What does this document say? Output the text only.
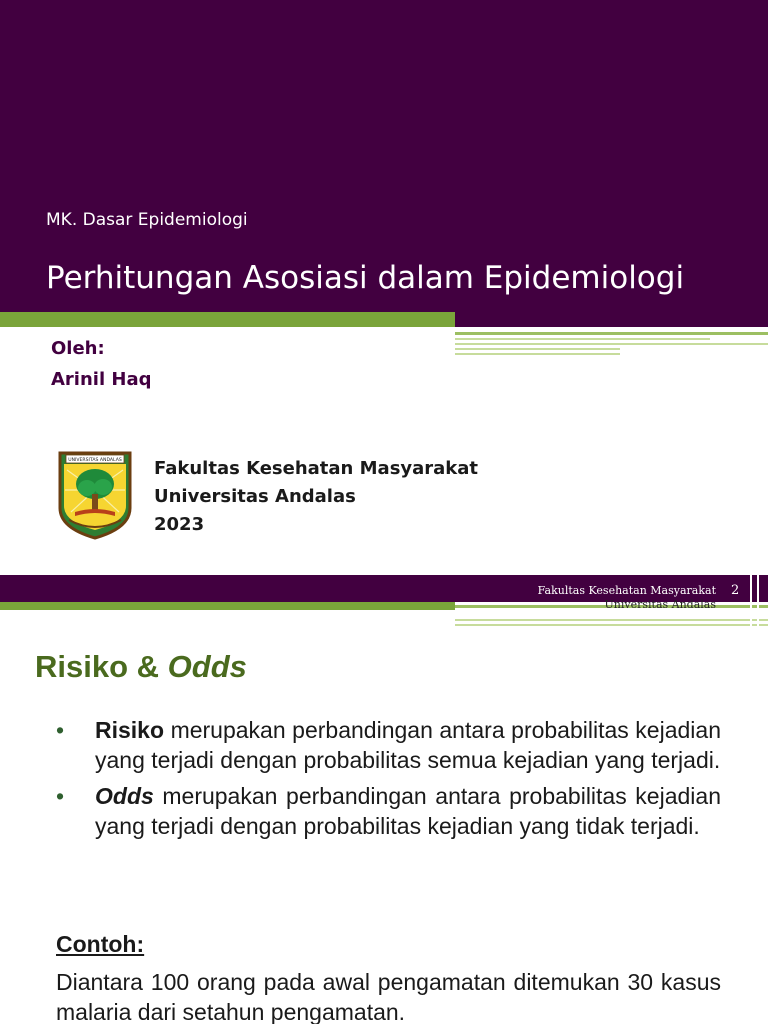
MK. Dasar Epidemiologi
Perhitungan Asosiasi dalam Epidemiologi
Oleh:
Arinil Haq
UNIVERSITAS ANDALAS Fakultas Kesehatan Masyarakat
Universitas Andalas
2023
Fakultas Kesehatan Masyarakat
Universitas Andalas
2
Risiko & Odds
• Risiko merupakan perbandingan antara probabilitas kejadian yang terjadi dengan probabilitas semua kejadian yang terjadi.
• Odds merupakan perbandingan antara probabilitas kejadian yang terjadi dengan probabilitas kejadian yang tidak terjadi.
Contoh:
Diantara 100 orang pada awal pengamatan ditemukan 30 kasus malaria dari setahun pengamatan.
